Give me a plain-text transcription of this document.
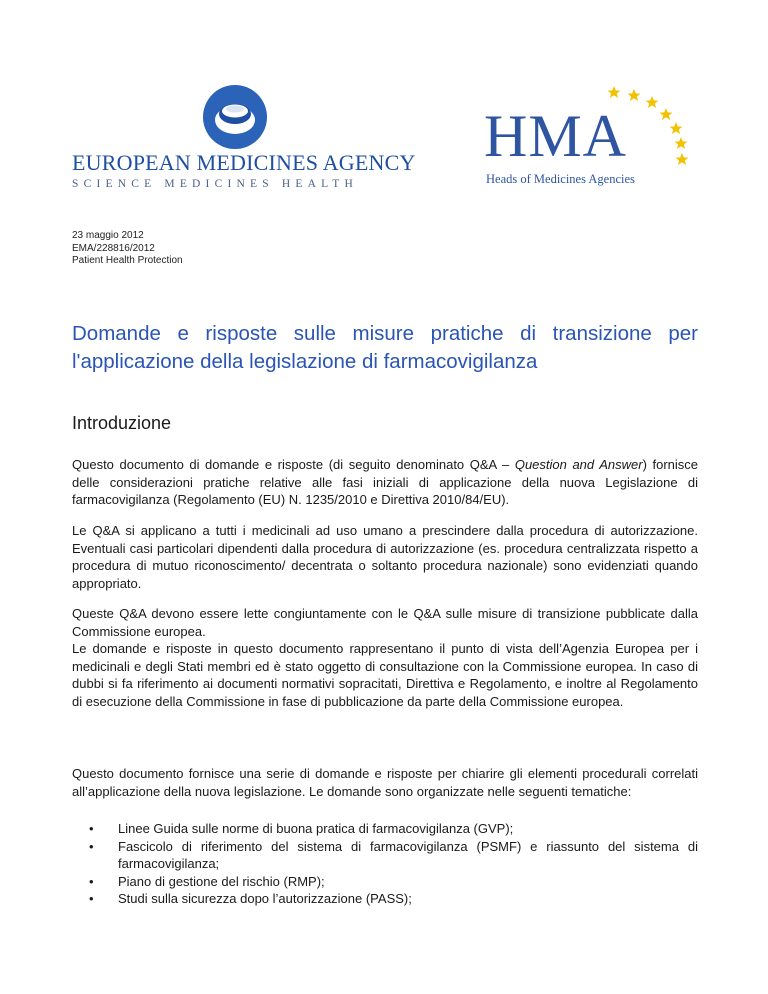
EUROPEAN MEDICINES AGENCY
SCIENCE MEDICINES HEALTH
HMA
Heads of Medicines Agencies
23 maggio 2012
EMA/228816/2012
Patient Health Protection
Domande e risposte sulle misure pratiche di transizione per l'applicazione della legislazione di farmacovigilanza
Introduzione

Questo documento di domande e risposte (di seguito denominato Q&A – Question and Answer) fornisce delle considerazioni pratiche relative alle fasi iniziali di applicazione della nuova Legislazione di farmacovigilanza (Regolamento (EU) N. 1235/2010 e Direttiva 2010/84/EU).

Le Q&A si applicano a tutti i medicinali ad uso umano a prescindere dalla procedura di autorizzazione. Eventuali casi particolari dipendenti dalla procedura di autorizzazione (es. procedura centralizzata rispetto a procedura di mutuo riconoscimento/ decentrata o soltanto procedura nazionale) sono evidenziati quando appropriato.

Queste Q&A devono essere lette congiuntamente con le Q&A sulle misure di transizione pubblicate dalla Commissione europea.

Le domande e risposte in questo documento rappresentano il punto di vista dell’Agenzia Europea per i medicinali e degli Stati membri ed è stato oggetto di consultazione con la Commissione europea. In caso di dubbi si fa riferimento ai documenti normativi sopracitati, Direttiva e Regolamento, e inoltre al Regolamento di esecuzione della Commissione in fase di pubblicazione da parte della Commissione europea.

Questo documento fornisce una serie di domande e risposte per chiarire gli elementi procedurali correlati all’applicazione della nuova legislazione. Le domande sono organizzate nelle seguenti tematiche:

• Linee Guida sulle norme di buona pratica di farmacovigilanza (GVP);
• Fascicolo di riferimento del sistema di farmacovigilanza (PSMF) e riassunto del sistema di farmacovigilanza;
• Piano di gestione del rischio (RMP);
• Studi sulla sicurezza dopo l’autorizzazione (PASS);
